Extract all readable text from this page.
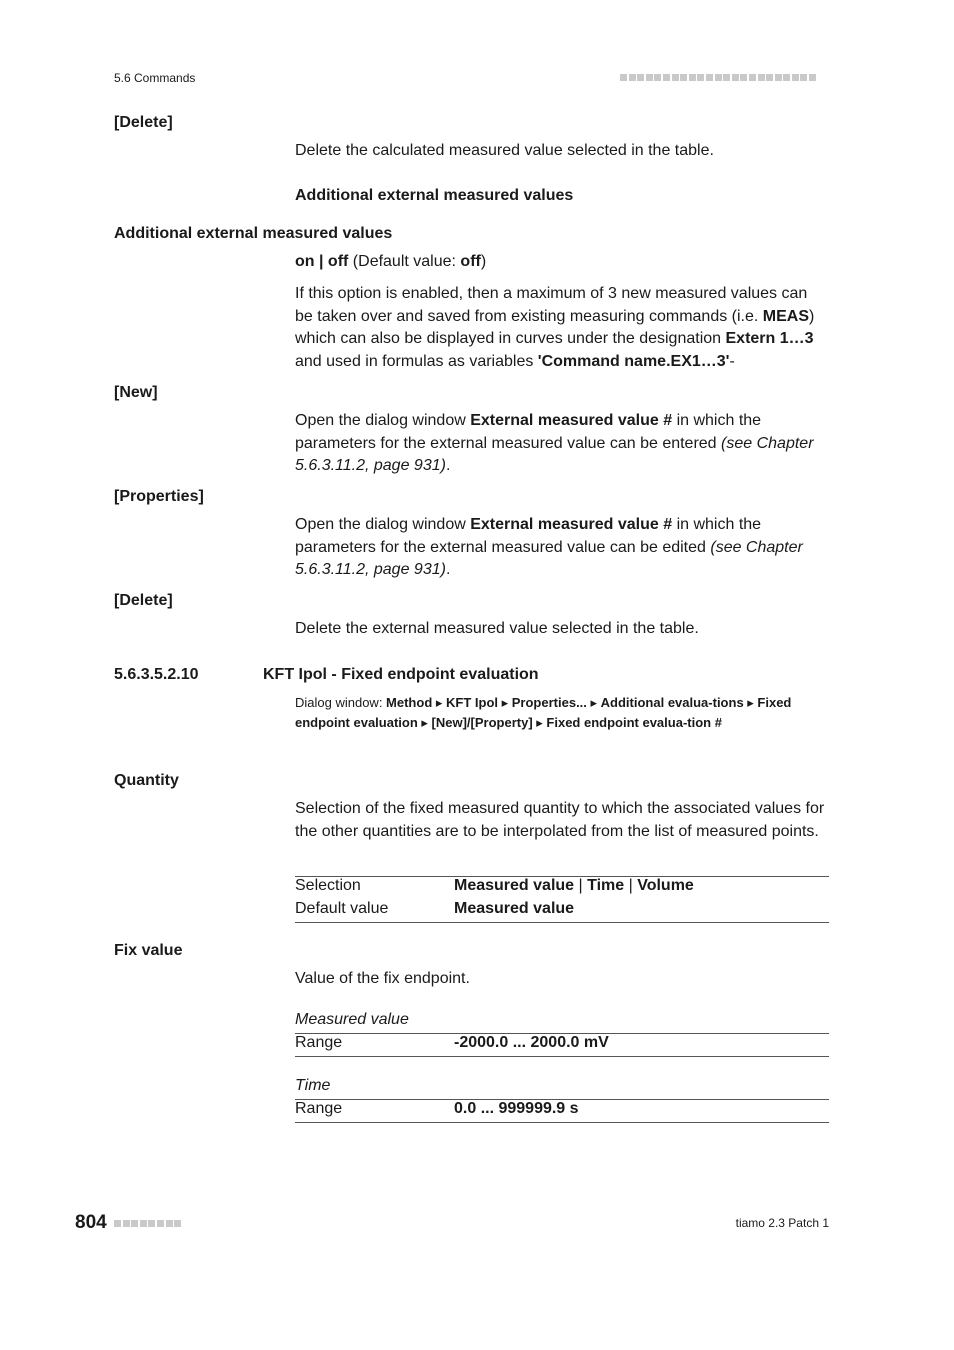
5.6 Commands
[Delete]
Delete the calculated measured value selected in the table.
Additional external measured values
Additional external measured values
on | off (Default value: off)
If this option is enabled, then a maximum of 3 new measured values can be taken over and saved from existing measuring commands (i.e. MEAS) which can also be displayed in curves under the designation Extern 1…3 and used in formulas as variables 'Command name.EX1…3'-
[New]
Open the dialog window External measured value # in which the parameters for the external measured value can be entered (see Chapter 5.6.3.11.2, page 931).
[Properties]
Open the dialog window External measured value # in which the parameters for the external measured value can be edited (see Chapter 5.6.3.11.2, page 931).
[Delete]
Delete the external measured value selected in the table.
5.6.3.5.2.10	KFT Ipol - Fixed endpoint evaluation
Dialog window: Method ▸ KFT Ipol ▸ Properties... ▸ Additional evalua-tions ▸ Fixed endpoint evaluation ▸ [New]/[Property] ▸ Fixed endpoint evalua-tion #
Quantity
Selection of the fixed measured quantity to which the associated values for the other quantities are to be interpolated from the list of measured points.
Selection	Measured value | Time | Volume
Default value	Measured value
Fix value
Value of the fix endpoint.
Measured value
Range	-2000.0 ... 2000.0 mV
Time
Range	0.0 ... 999999.9 s
804	tiamo 2.3 Patch 1
